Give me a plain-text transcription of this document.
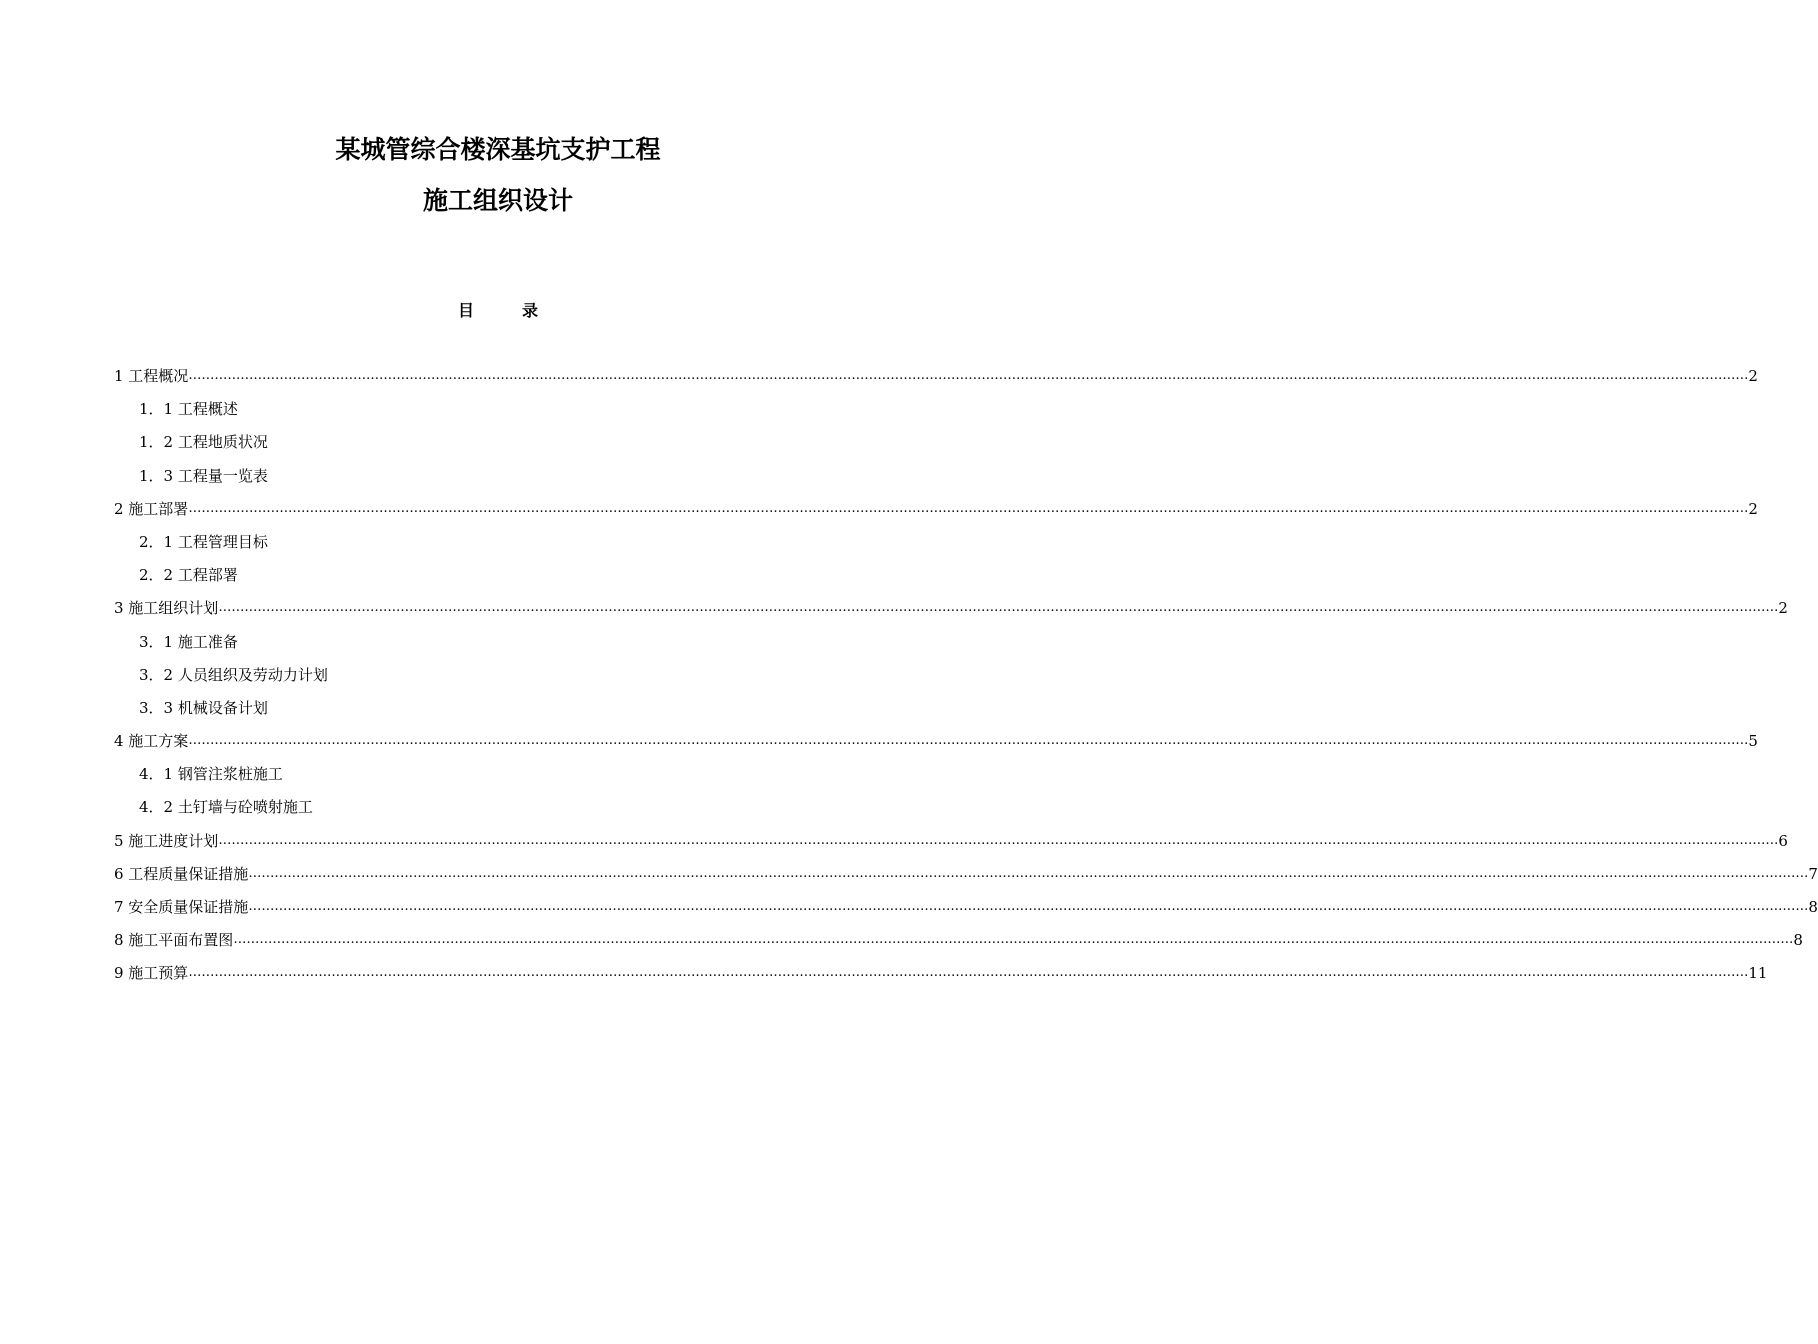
某城管综合楼深基坑支护工程
施工组织设计
目	录
1 工程概况 ……………………………………………………………………………………………………………………………………………………………………………………………………………………………………………………………………………………………………………………………… 2
1．1 工程概述
1．2 工程地质状况
1．3 工程量一览表
2 施工部署 ……………………………………………………………………………………………………………………………………………………………………………………………………………………………………………………………………………………………………………………………… 2
2．1 工程管理目标
2．2 工程部署
3 施工组织计划 ……………………………………………………………………………………………………………………………………………………………………………………………………………………………………………………………………………………………………………………………… 2
3．1 施工准备
3．2 人员组织及劳动力计划
3．3 机械设备计划
4 施工方案 ……………………………………………………………………………………………………………………………………………………………………………………………………………………………………………………………………………………………………………………………… 5
4．1 钢管注浆桩施工
4．2 土钉墙与砼喷射施工
5 施工进度计划 ……………………………………………………………………………………………………………………………………………………………………………………………………………………………………………………………………………………………………………………………… 6
6 工程质量保证措施 ……………………………………………………………………………………………………………………………………………………………………………………………………………………………………………………………………………………………………………………………… 7
7 安全质量保证措施 ……………………………………………………………………………………………………………………………………………………………………………………………………………………………………………………………………………………………………………………………… 8
8 施工平面布置图 ……………………………………………………………………………………………………………………………………………………………………………………………………………………………………………………………………………………………………………………………… 8
9 施工预算 ……………………………………………………………………………………………………………………………………………………………………………………………………………………………………………………………………………………………………………………………… 11
